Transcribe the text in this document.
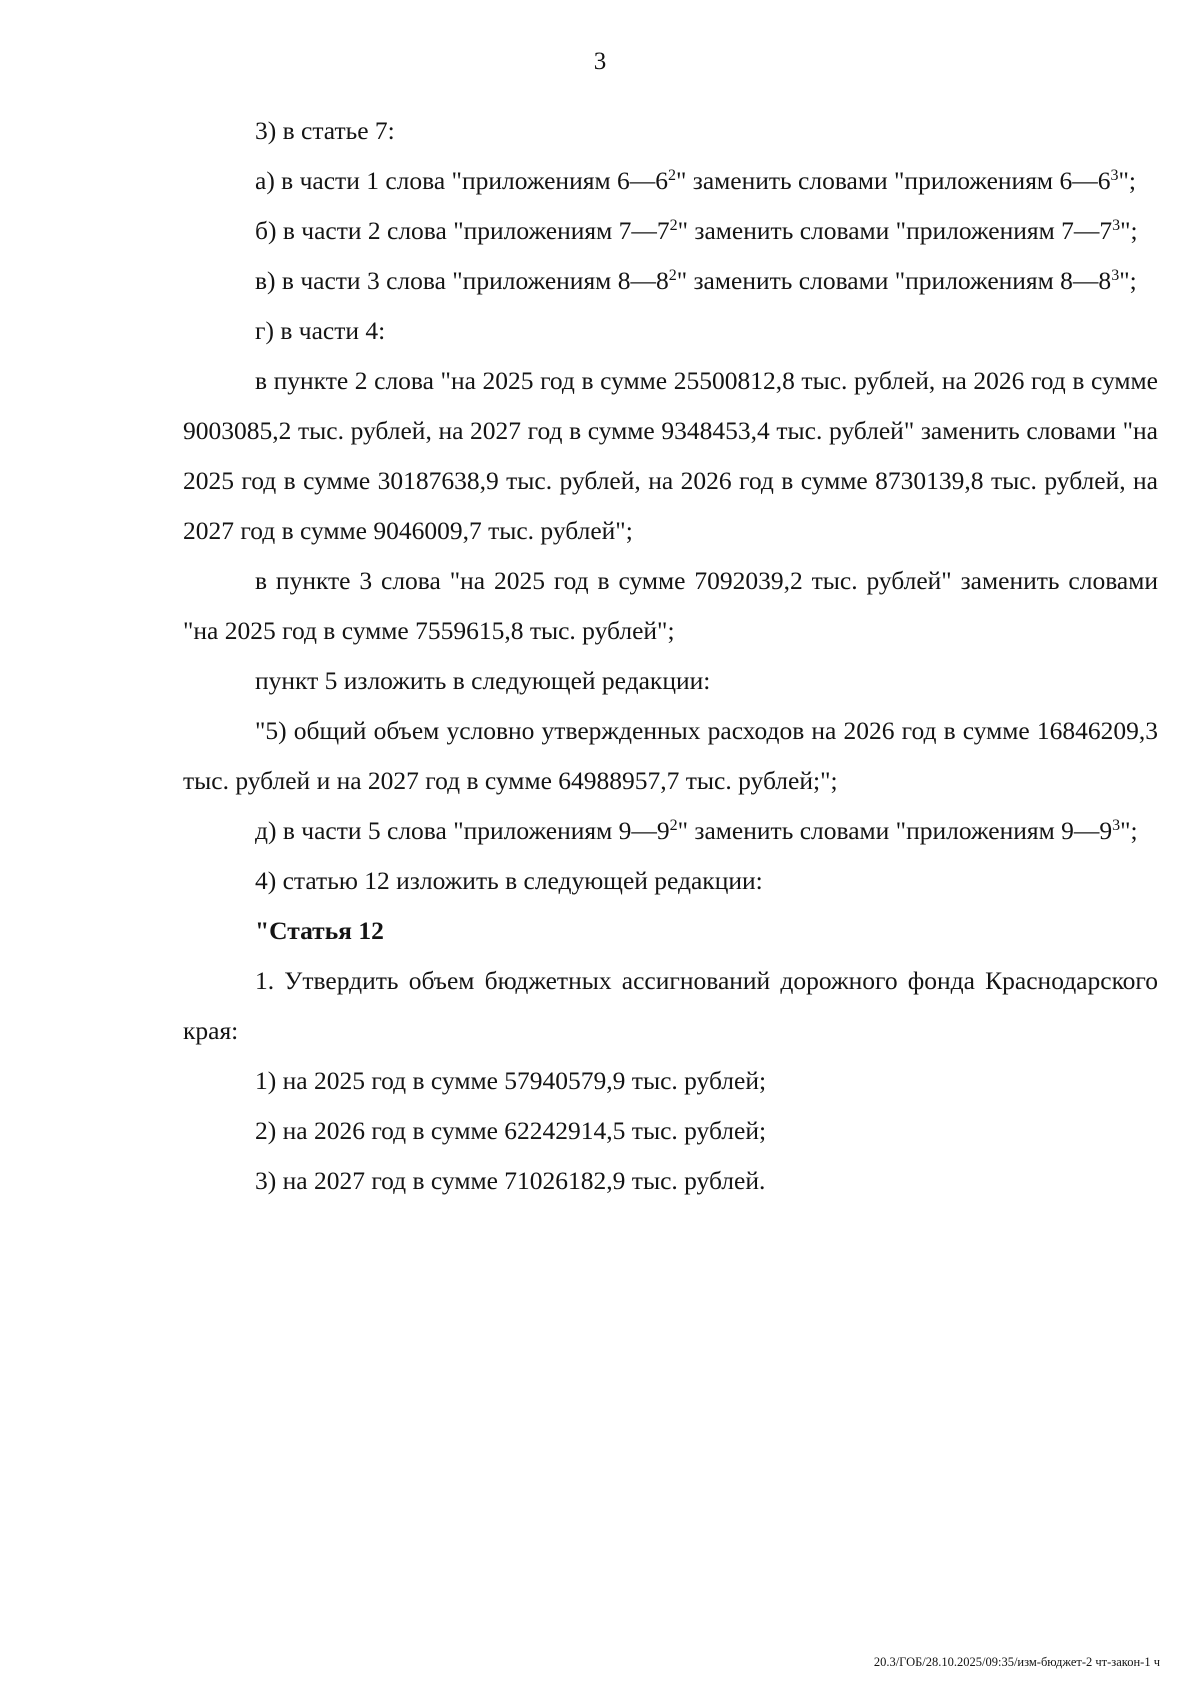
3

3) в статье 7:

а) в части 1 слова "приложениям $6—6^2$" заменить словами "приложениям $6—6^3$";

б) в части 2 слова "приложениям $7—7^2$" заменить словами "приложениям $7—7^3$";

в) в части 3 слова "приложениям $8—8^2$" заменить словами "приложениям $8—8^3$";

г) в части 4:

в пункте 2 слова "на 2025 год в сумме 25500812,8 тыс. рублей, на 2026 год в сумме 9003085,2 тыс. рублей, на 2027 год в сумме 9348453,4 тыс. рублей" заменить словами "на 2025 год в сумме 30187638,9 тыс. рублей, на 2026 год в сумме 8730139,8 тыс. рублей, на 2027 год в сумме 9046009,7 тыс. рублей";

в пункте 3 слова "на 2025 год в сумме 7092039,2 тыс. рублей" заменить словами "на 2025 год в сумме 7559615,8 тыс. рублей";

пункт 5 изложить в следующей редакции:

"5) общий объем условно утвержденных расходов на 2026 год в сумме 16846209,3 тыс. рублей и на 2027 год в сумме 64988957,7 тыс. рублей;";

д) в части 5 слова "приложениям $9—9^2$" заменить словами "приложениям $9—9^3$";

4) статью 12 изложить в следующей редакции:

"Статья 12

1. Утвердить объем бюджетных ассигнований дорожного фонда Краснодарского края:

1) на 2025 год в сумме 57940579,9 тыс. рублей;

2) на 2026 год в сумме 62242914,5 тыс. рублей;

3) на 2027 год в сумме 71026182,9 тыс. рублей.

20.3/ГОБ/28.10.2025/09:35/изм-бюджет-2 чт-закон-1 ч
